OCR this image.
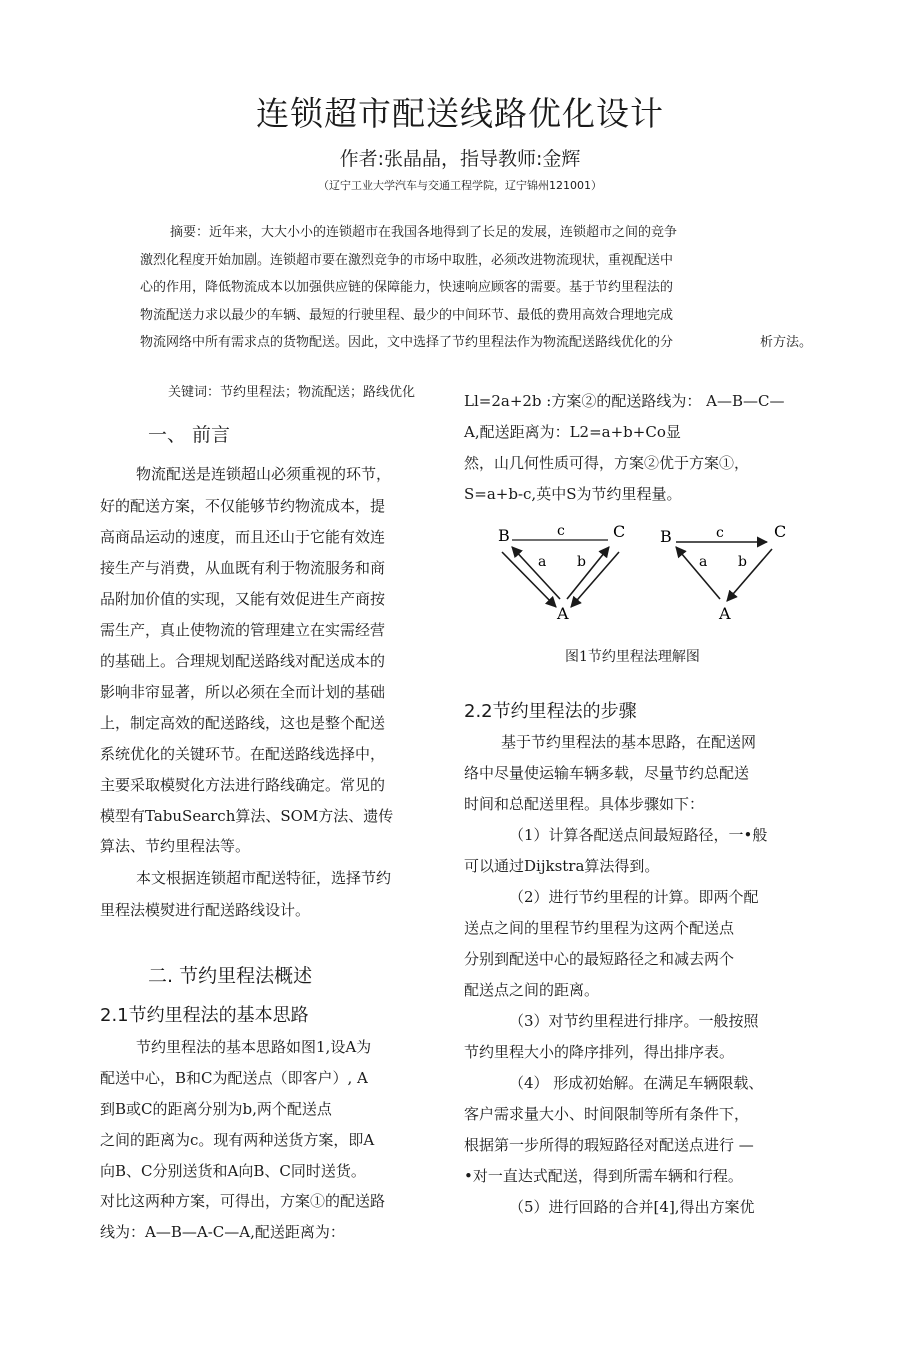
连锁超市配送线路优化设计
作者:张晶晶，指导教师:金辉
（辽宁工业大学汽车与交通工程学院，辽宁锦州121001）
摘要：近年来，大大小小的连锁超市在我国各地得到了长足的发展，连锁超市之间的竞争
激烈化程度开始加剧。连锁超市要在激烈竞争的市场中取胜，必须改进物流现状，重视配送中
心的作用，降低物流成本以加强供应链的保障能力，快速响应顾客的需要。基于节约里程法的
物流配送力求以最少的车辆、最短的行驶里程、最少的中间环节、最低的费用高效合理地完成
物流网络中所有需求点的货物配送。因此，文中选择了节约里程法作为物流配送路线优化的分	析方法。
关键词：节约里程法；物流配送；路线优化
一、 前言
物流配送是连锁超山必须重视的环节，
好的配送方案，不仅能够节约物流成本，提
高商品运动的速度，而且还山于它能有效连
接生产与消费，从血既有利于物流服务和商
品附加价值的实现，又能有效促进生产商按
需生产，真止使物流的管理建立在实需经营
的基础上。合理规划配送路线对配送成本的
影响非帘显著，所以必须在全而计划的基础
上，制定高效的配送路线，这也是整个配送
系统优化的关键环节。在配送路线选择中，
主要采取模熨化方法进行路线确定。常见的
模型有TabuSearch算法、SOM方法、遗传
算法、节约里程法等。
本文根据连锁超市配送特征，选择节约
里程法模熨进行配送路线设计。
二. 节约里程法概述
2.1节约里程法的基本思路
节约里程法的基本思路如图1,设A为
配送中心，B和C为配送点（即客户）, A
到B或C的距离分别为b,两个配送点
之间的距离为c。现有两种送货方案，即A
向B、C分别送货和A向B、C同时送货。
对比这两种方案，可得出，方案①的配送路
线为：A—B—A-C—A,配送距离为：
Ll=2a+2b :方案②的配送路线为： A—B—C—
A,配送距离为：L2=a+b+Co显
然，山几何性质可得，方案②优于方案①，
S=a+b-c,英中S为节约里程量。
B	C
A
c
a b
B	C
A
c
a b
图1节约里程法理解图
2.2节约里程法的步骤
基于节约里程法的基本思路，在配送网
络中尽量使运输车辆多载，尽量节约总配送
时间和总配送里程。具体步骤如下：
（1）计算各配送点间最短路径，一•般
可以通过Dijkstra算法得到。
（2）进行节约里程的计算。即两个配
送点之间的里程节约里程为这两个配送点
分别到配送中心的最短路径之和减去两个
配送点之间的距离。
（3）对节约里程进行排序。一般按照
节约里程大小的降序排列，得出排序表。
（4） 形成初始解。在满足车辆限载、
客户需求量大小、时间限制等所有条件下，
根据第一步所得的瑕短路径对配送点进行 —
•对一直达式配送，得到所需车辆和行程。
（5）进行回路的合并[4],得出方案优
